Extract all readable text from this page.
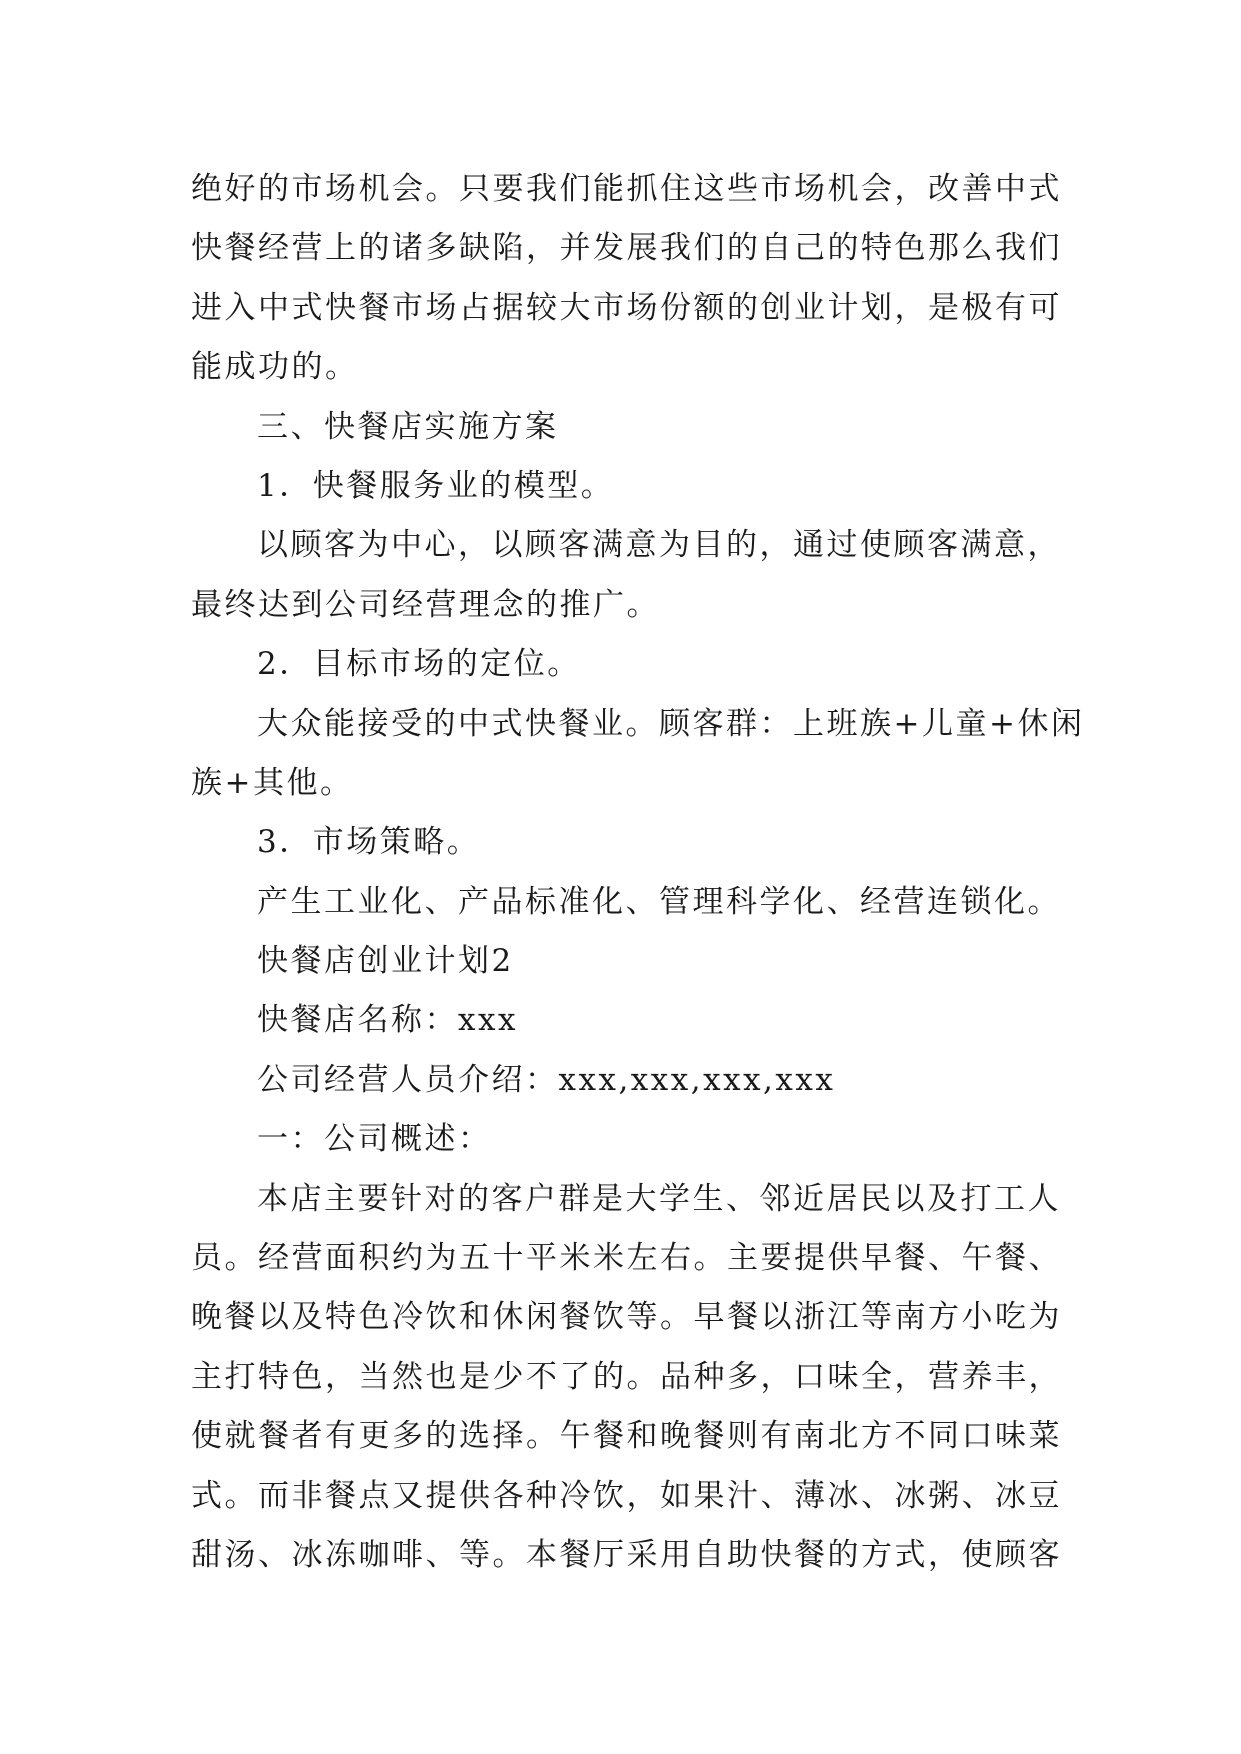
绝好的市场机会。只要我们能抓住这些市场机会，改善中式
快餐经营上的诸多缺陷，并发展我们的自己的特色那么我们
进入中式快餐市场占据较大市场份额的创业计划，是极有可
能成功的。
三、快餐店实施方案
1．快餐服务业的模型。
以顾客为中心，以顾客满意为目的，通过使顾客满意，
最终达到公司经营理念的推广。
2．目标市场的定位。
大众能接受的中式快餐业。顾客群：上班族+儿童+休闲
族+其他。
3．市场策略。
产生工业化、产品标准化、管理科学化、经营连锁化。
快餐店创业计划2
快餐店名称：xxx
公司经营人员介绍：xxx,xxx,xxx,xxx
一：公司概述：
本店主要针对的客户群是大学生、邻近居民以及打工人
员。经营面积约为五十平米米左右。主要提供早餐、午餐、
晚餐以及特色冷饮和休闲餐饮等。早餐以浙江等南方小吃为
主打特色，当然也是少不了的。品种多，口味全，营养丰，
使就餐者有更多的选择。午餐和晚餐则有南北方不同口味菜
式。而非餐点又提供各种冷饮，如果汁、薄冰、冰粥、冰豆
甜汤、冰冻咖啡、等。本餐厅采用自助快餐的方式，使顾客
